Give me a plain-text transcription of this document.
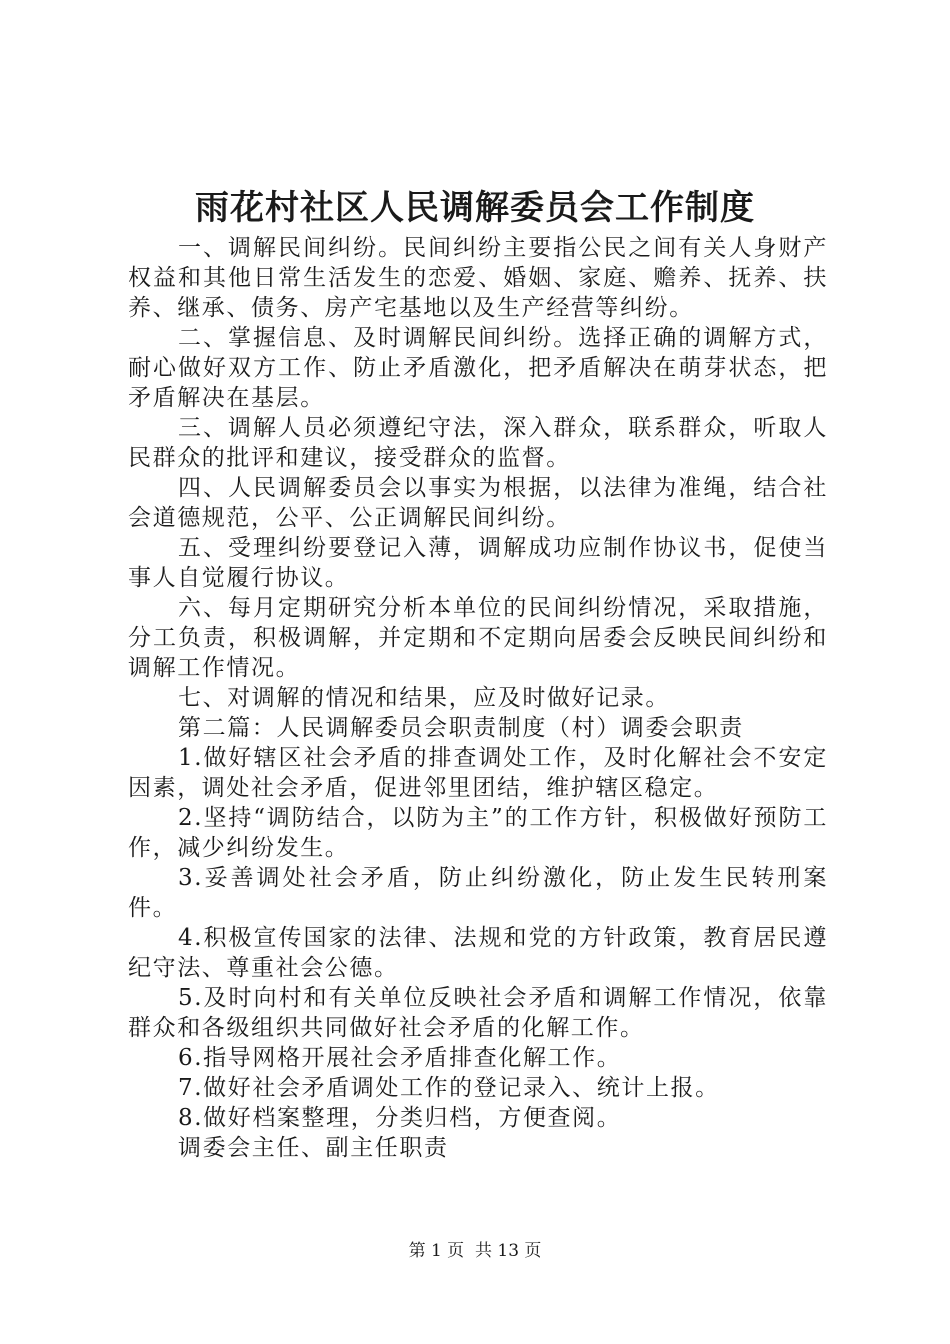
雨花村社区人民调解委员会工作制度

一、调解民间纠纷。民间纠纷主要指公民之间有关人身财产权益和其他日常生活发生的恋爱、婚姻、家庭、赡养、抚养、扶养、继承、债务、房产宅基地以及生产经营等纠纷。

二、掌握信息、及时调解民间纠纷。选择正确的调解方式，耐心做好双方工作、防止矛盾激化，把矛盾解决在萌芽状态，把矛盾解决在基层。

三、调解人员必须遵纪守法，深入群众，联系群众，听取人民群众的批评和建议，接受群众的监督。

四、人民调解委员会以事实为根据，以法律为准绳，结合社会道德规范，公平、公正调解民间纠纷。

五、受理纠纷要登记入薄，调解成功应制作协议书，促使当事人自觉履行协议。

六、每月定期研究分析本单位的民间纠纷情况，采取措施，分工负责，积极调解，并定期和不定期向居委会反映民间纠纷和调解工作情况。

七、对调解的情况和结果，应及时做好记录。

第二篇：人民调解委员会职责制度（村）调委会职责

1.做好辖区社会矛盾的排查调处工作，及时化解社会不安定因素，调处社会矛盾，促进邻里团结，维护辖区稳定。

2.坚持“调防结合，以防为主”的工作方针，积极做好预防工作，减少纠纷发生。

3.妥善调处社会矛盾，防止纠纷激化，防止发生民转刑案件。

4.积极宣传国家的法律、法规和党的方针政策，教育居民遵纪守法、尊重社会公德。

5.及时向村和有关单位反映社会矛盾和调解工作情况，依靠群众和各级组织共同做好社会矛盾的化解工作。

6.指导网格开展社会矛盾排查化解工作。

7.做好社会矛盾调处工作的登记录入、统计上报。

8.做好档案整理，分类归档，方便查阅。

调委会主任、副主任职责

第 1 页  共 13 页
